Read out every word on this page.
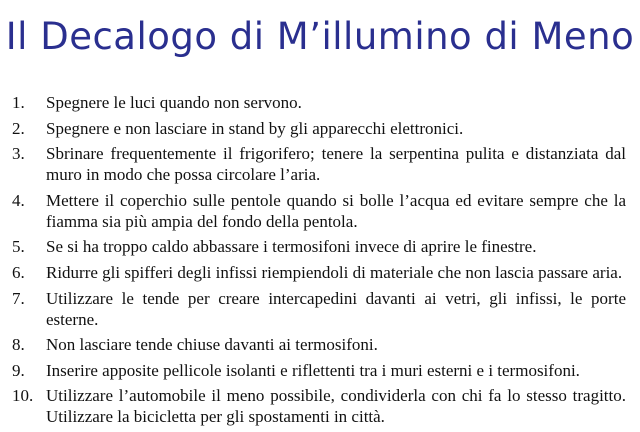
Il Decalogo di M’illumino di Meno
1. Spegnere le luci quando non servono.
2. Spegnere e non lasciare in stand by gli apparecchi elettronici.
3. Sbrinare frequentemente il frigorifero; tenere la serpentina pulita e distanziata dal muro in modo che possa circolare l’aria.
4. Mettere il coperchio sulle pentole quando si bolle l’acqua ed evitare sempre che la fiamma sia più ampia del fondo della pentola.
5. Se si ha troppo caldo abbassare i termosifoni invece di aprire le finestre.
6. Ridurre gli spifferi degli infissi riempiendoli di materiale che non lascia passare aria.
7. Utilizzare le tende per creare intercapedini davanti ai vetri, gli infissi, le porte esterne.
8. Non lasciare tende chiuse davanti ai termosifoni.
9. Inserire apposite pellicole isolanti e riflettenti tra i muri esterni e i termosifoni.
10. Utilizzare l’automobile il meno possibile, condividerla con chi fa lo stesso tragitto. Utilizzare la bicicletta per gli spostamenti in città.
